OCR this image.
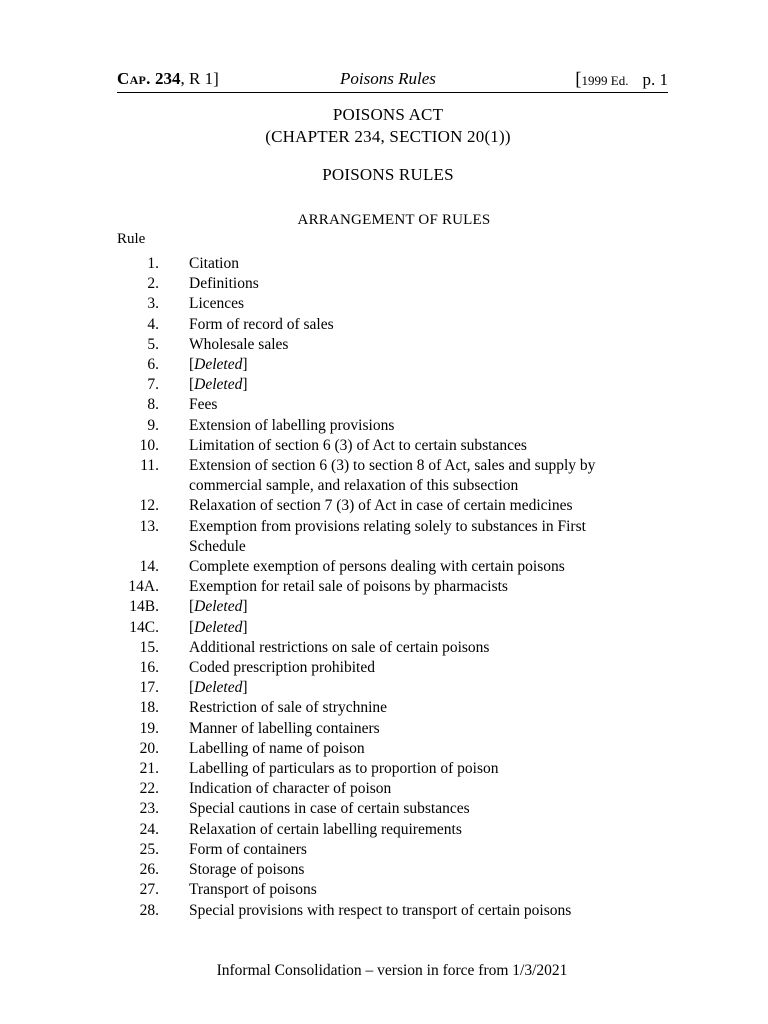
Cap. 234, R 1]	Poisons Rules	[1999 Ed. p. 1
POISONS ACT
(CHAPTER 234, SECTION 20(1))
POISONS RULES
ARRANGEMENT OF RULES
Rule
1. Citation
2. Definitions
3. Licences
4. Form of record of sales
5. Wholesale sales
6. [Deleted]
7. [Deleted]
8. Fees
9. Extension of labelling provisions
10. Limitation of section 6 (3) of Act to certain substances
11. Extension of section 6 (3) to section 8 of Act, sales and supply by commercial sample, and relaxation of this subsection
12. Relaxation of section 7 (3) of Act in case of certain medicines
13. Exemption from provisions relating solely to substances in First Schedule
14. Complete exemption of persons dealing with certain poisons
14A. Exemption for retail sale of poisons by pharmacists
14B. [Deleted]
14C. [Deleted]
15. Additional restrictions on sale of certain poisons
16. Coded prescription prohibited
17. [Deleted]
18. Restriction of sale of strychnine
19. Manner of labelling containers
20. Labelling of name of poison
21. Labelling of particulars as to proportion of poison
22. Indication of character of poison
23. Special cautions in case of certain substances
24. Relaxation of certain labelling requirements
25. Form of containers
26. Storage of poisons
27. Transport of poisons
28. Special provisions with respect to transport of certain poisons
Informal Consolidation – version in force from 1/3/2021
